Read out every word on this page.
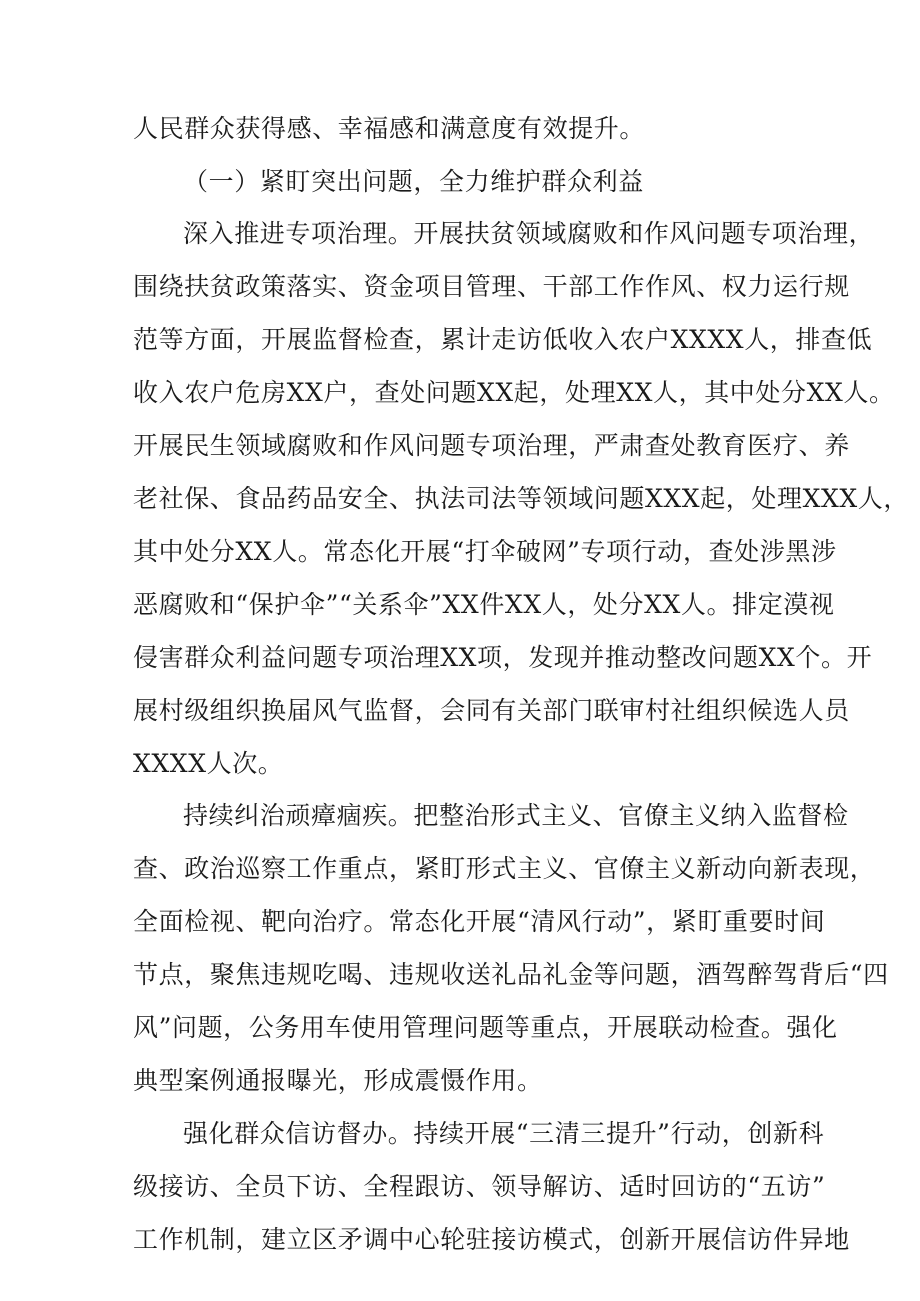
人民群众获得感、幸福感和满意度有效提升。
（一）紧盯突出问题，全力维护群众利益
深入推进专项治理。开展扶贫领域腐败和作风问题专项治理，
围绕扶贫政策落实、资金项目管理、干部工作作风、权力运行规
范等方面，开展监督检查，累计走访低收入农户XXXX人，排查低
收入农户危房XX户，查处问题XX起，处理XX人，其中处分XX人。
开展民生领域腐败和作风问题专项治理，严肃查处教育医疗、养
老社保、食品药品安全、执法司法等领域问题XXX起，处理XXX人，
其中处分XX人。常态化开展“打伞破网”专项行动，查处涉黑涉
恶腐败和“保护伞”“关系伞”XX件XX人，处分XX人。排定漠视
侵害群众利益问题专项治理XX项，发现并推动整改问题XX个。开
展村级组织换届风气监督，会同有关部门联审村社组织候选人员
XXXX人次。
持续纠治顽瘴痼疾。把整治形式主义、官僚主义纳入监督检
查、政治巡察工作重点，紧盯形式主义、官僚主义新动向新表现，
全面检视、靶向治疗。常态化开展“清风行动”，紧盯重要时间
节点，聚焦违规吃喝、违规收送礼品礼金等问题，酒驾醉驾背后“四
风”问题，公务用车使用管理问题等重点，开展联动检查。强化
典型案例通报曝光，形成震慑作用。
强化群众信访督办。持续开展“三清三提升”行动，创新科
级接访、全员下访、全程跟访、领导解访、适时回访的“五访”
工作机制，建立区矛调中心轮驻接访模式，创新开展信访件异地
